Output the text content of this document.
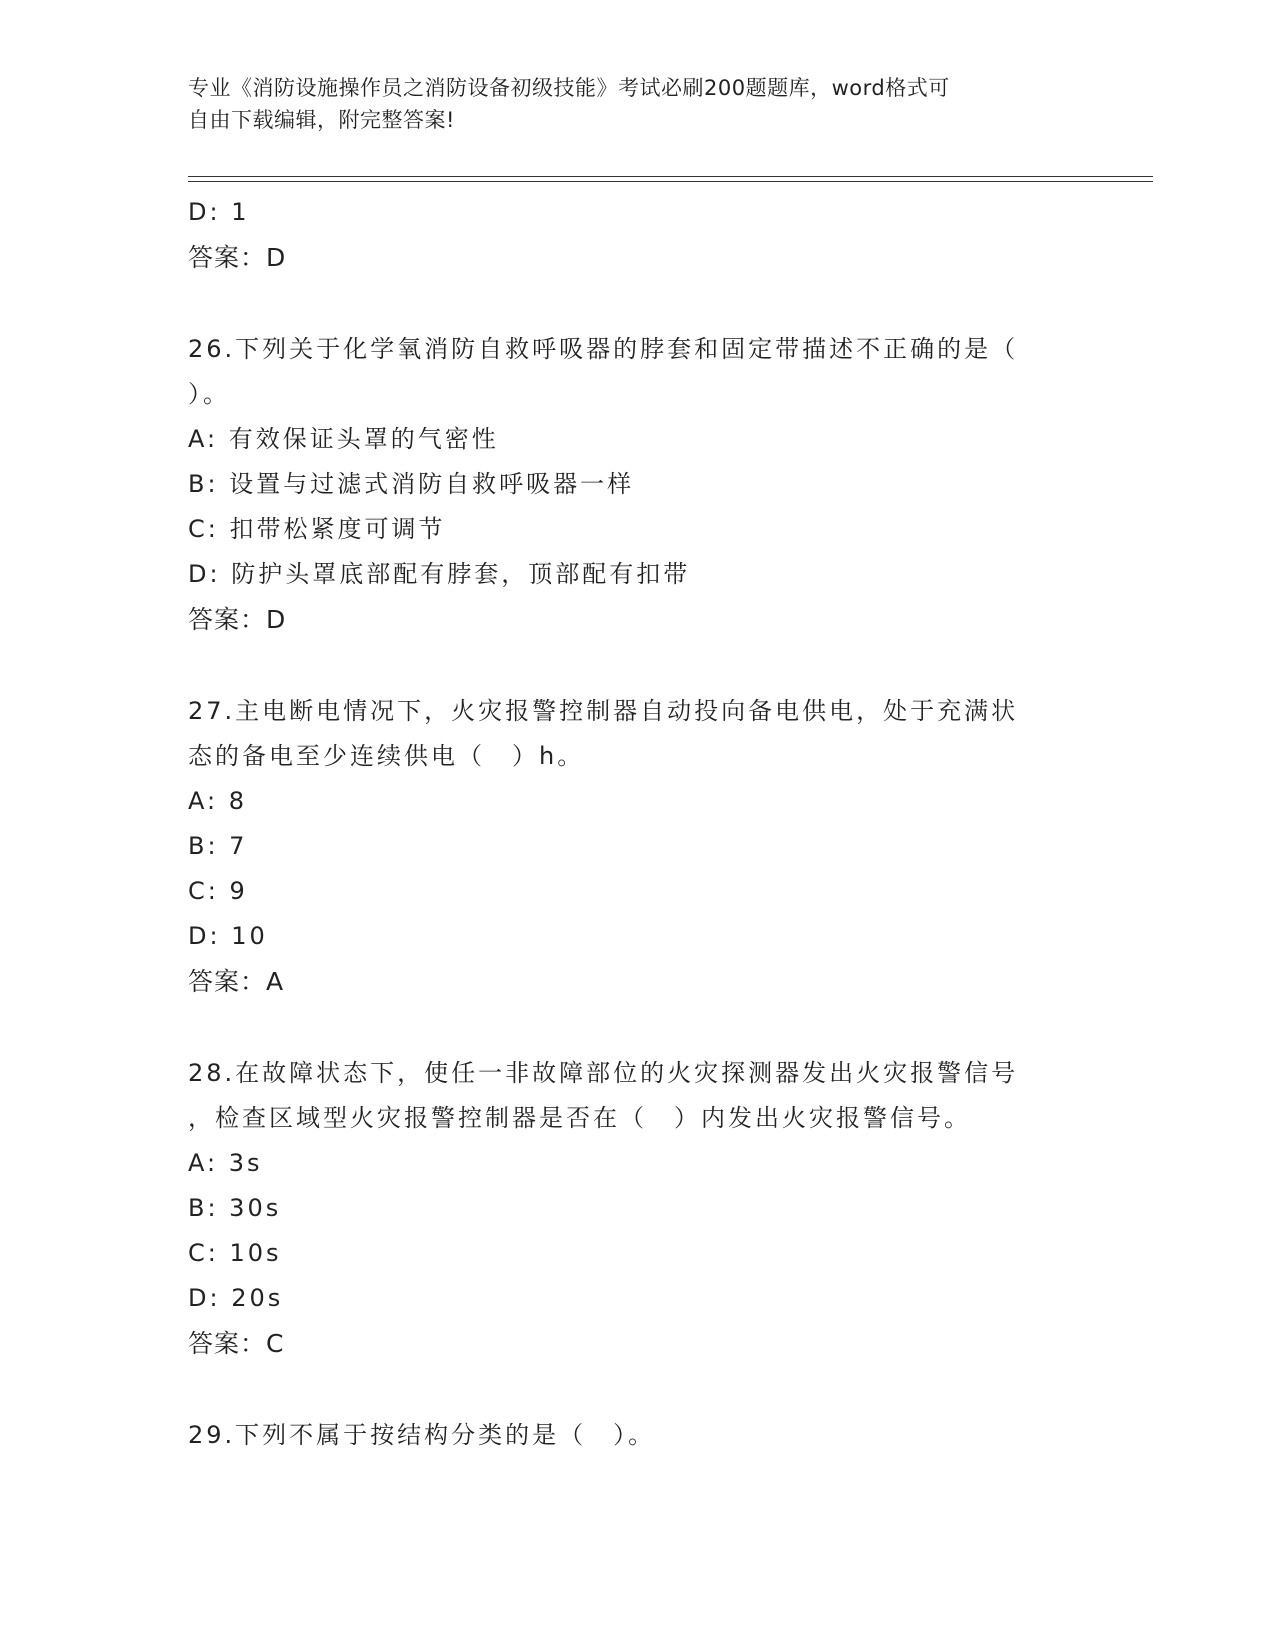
专业《消防设施操作员之消防设备初级技能》考试必刷200题题库，word格式可
自由下载编辑，附完整答案!
D: 1
答案：D
26.下列关于化学氧消防自救呼吸器的脖套和固定带描述不正确的是（
）。
A: 有效保证头罩的气密性
B: 设置与过滤式消防自救呼吸器一样
C: 扣带松紧度可调节
D: 防护头罩底部配有脖套，顶部配有扣带
答案：D
27.主电断电情况下，火灾报警控制器自动投向备电供电，处于充满状
态的备电至少连续供电（　）h。
A: 8
B: 7
C: 9
D: 10
答案：A
28.在故障状态下，使任一非故障部位的火灾探测器发出火灾报警信号
，检查区域型火灾报警控制器是否在（　）内发出火灾报警信号。
A: 3s
B: 30s
C: 10s
D: 20s
答案：C
29.下列不属于按结构分类的是（　）。
